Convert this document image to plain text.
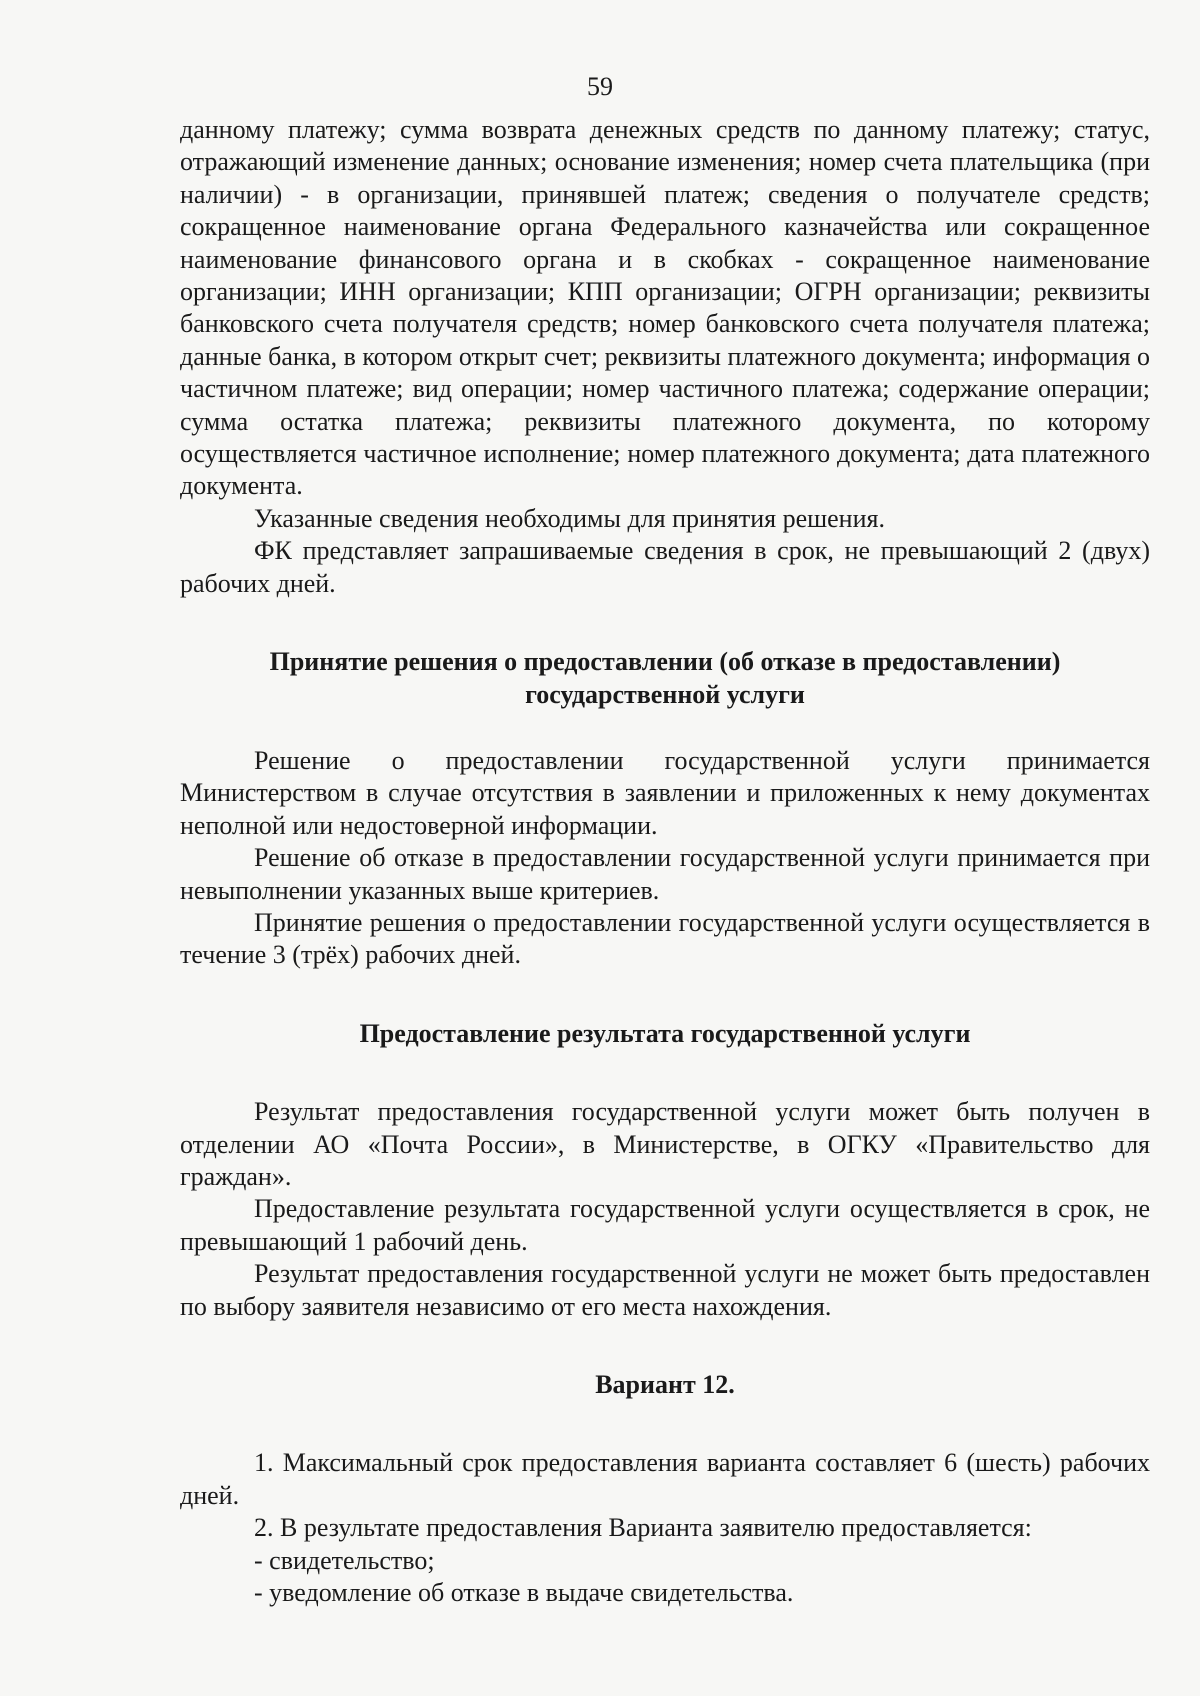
59

данному платежу; сумма возврата денежных средств по данному платежу; статус, отражающий изменение данных; основание изменения; номер счета плательщика (при наличии) - в организации, принявшей платеж; сведения о получателе средств; сокращенное наименование органа Федерального казначейства или сокращенное наименование финансового органа и в скобках - сокращенное наименование организации; ИНН организации; КПП организации; ОГРН организации; реквизиты банковского счета получателя средств; номер банковского счета получателя платежа; данные банка, в котором открыт счет; реквизиты платежного документа; информация о частичном платеже; вид операции; номер частичного платежа; содержание операции; сумма остатка платежа; реквизиты платежного документа, по которому осуществляется частичное исполнение; номер платежного документа; дата платежного документа.

Указанные сведения необходимы для принятия решения.

ФК представляет запрашиваемые сведения в срок, не превышающий 2 (двух) рабочих дней.

Принятие решения о предоставлении (об отказе в предоставлении)
государственной услуги

Решение о предоставлении государственной услуги принимается Министерством в случае отсутствия в заявлении и приложенных к нему документах неполной или недостоверной информации.

Решение об отказе в предоставлении государственной услуги принимается при невыполнении указанных выше критериев.

Принятие решения о предоставлении государственной услуги осуществляется в течение 3 (трёх) рабочих дней.

Предоставление результата государственной услуги

Результат предоставления государственной услуги может быть получен в отделении АО «Почта России», в Министерстве, в ОГКУ «Правительство для граждан».

Предоставление результата государственной услуги осуществляется в срок, не превышающий 1 рабочий день.

Результат предоставления государственной услуги не может быть предоставлен по выбору заявителя независимо от его места нахождения.

Вариант 12.

1. Максимальный срок предоставления варианта составляет 6 (шесть) рабочих дней.

2. В результате предоставления Варианта заявителю предоставляется:

- свидетельство;

- уведомление об отказе в выдаче свидетельства.
